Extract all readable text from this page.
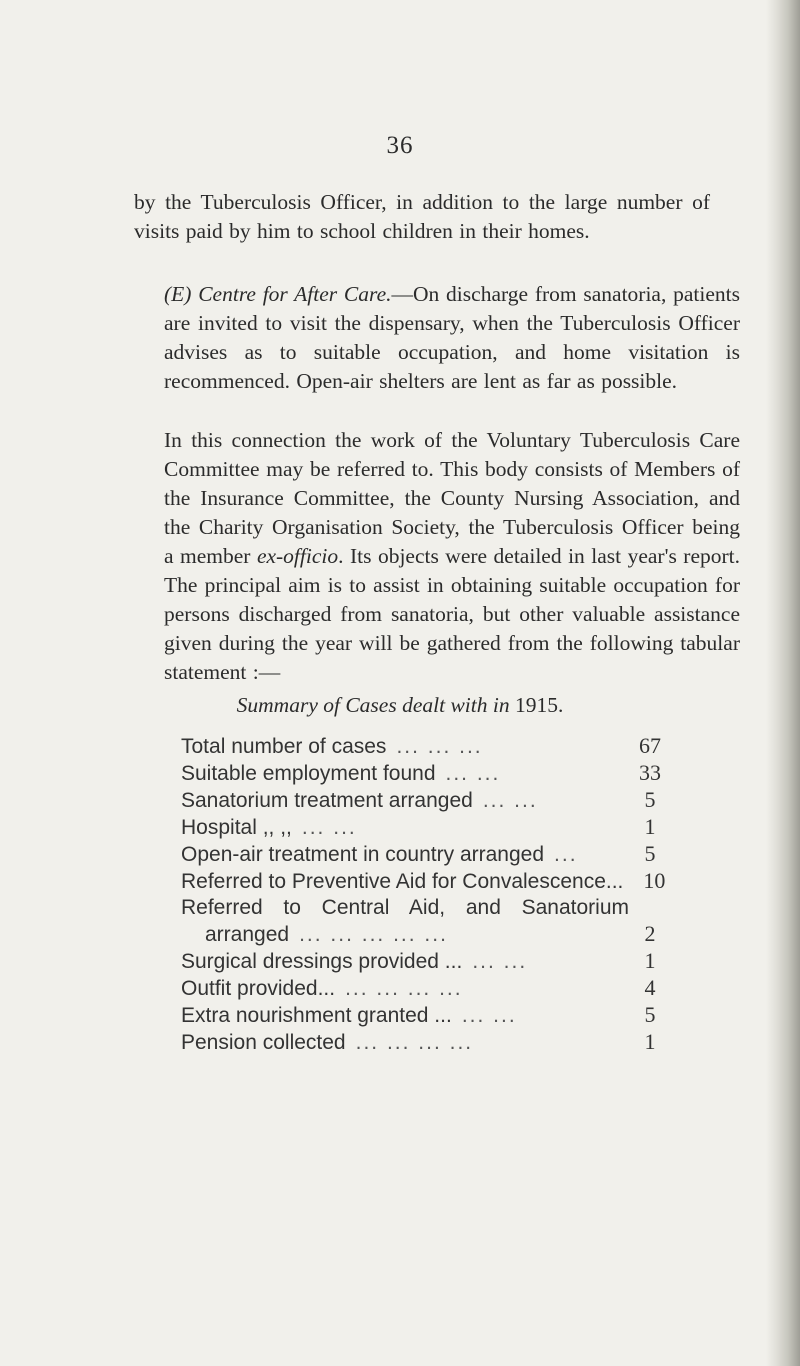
36
by the Tuberculosis Officer, in addition to the large number of visits paid by him to school children in their homes.
(E) Centre for After Care.—On discharge from sanatoria, patients are invited to visit the dispensary, when the Tuberculosis Officer advises as to suitable occupation, and home visitation is recommenced. Open-air shelters are lent as far as possible.
In this connection the work of the Voluntary Tuberculosis Care Committee may be referred to. This body consists of Members of the Insurance Committee, the County Nursing Association, and the Charity Organisation Society, the Tuberculosis Officer being a member ex-officio. Its objects were detailed in last year's report. The principal aim is to assist in obtaining suitable occupation for persons discharged from sanatoria, but other valuable assistance given during the year will be gathered from the following tabular statement :—
Summary of Cases dealt with in 1915.
Total number of cases ... ... ...	67
Suitable employment found ... ...	33
Sanatorium treatment arranged ... ...	5
Hospital ,, ,, ... ...	1
Open-air treatment in country arranged ...	5
Referred to Preventive Aid for Convalescence... 10
Referred to Central Aid, and Sanatorium
arranged ... ... ... ... ...	2
Surgical dressings provided ... ... ...	1
Outfit provided... ... ... ... ...	4
Extra nourishment granted ... ... ...	5
Pension collected ... ... ... ...	1
